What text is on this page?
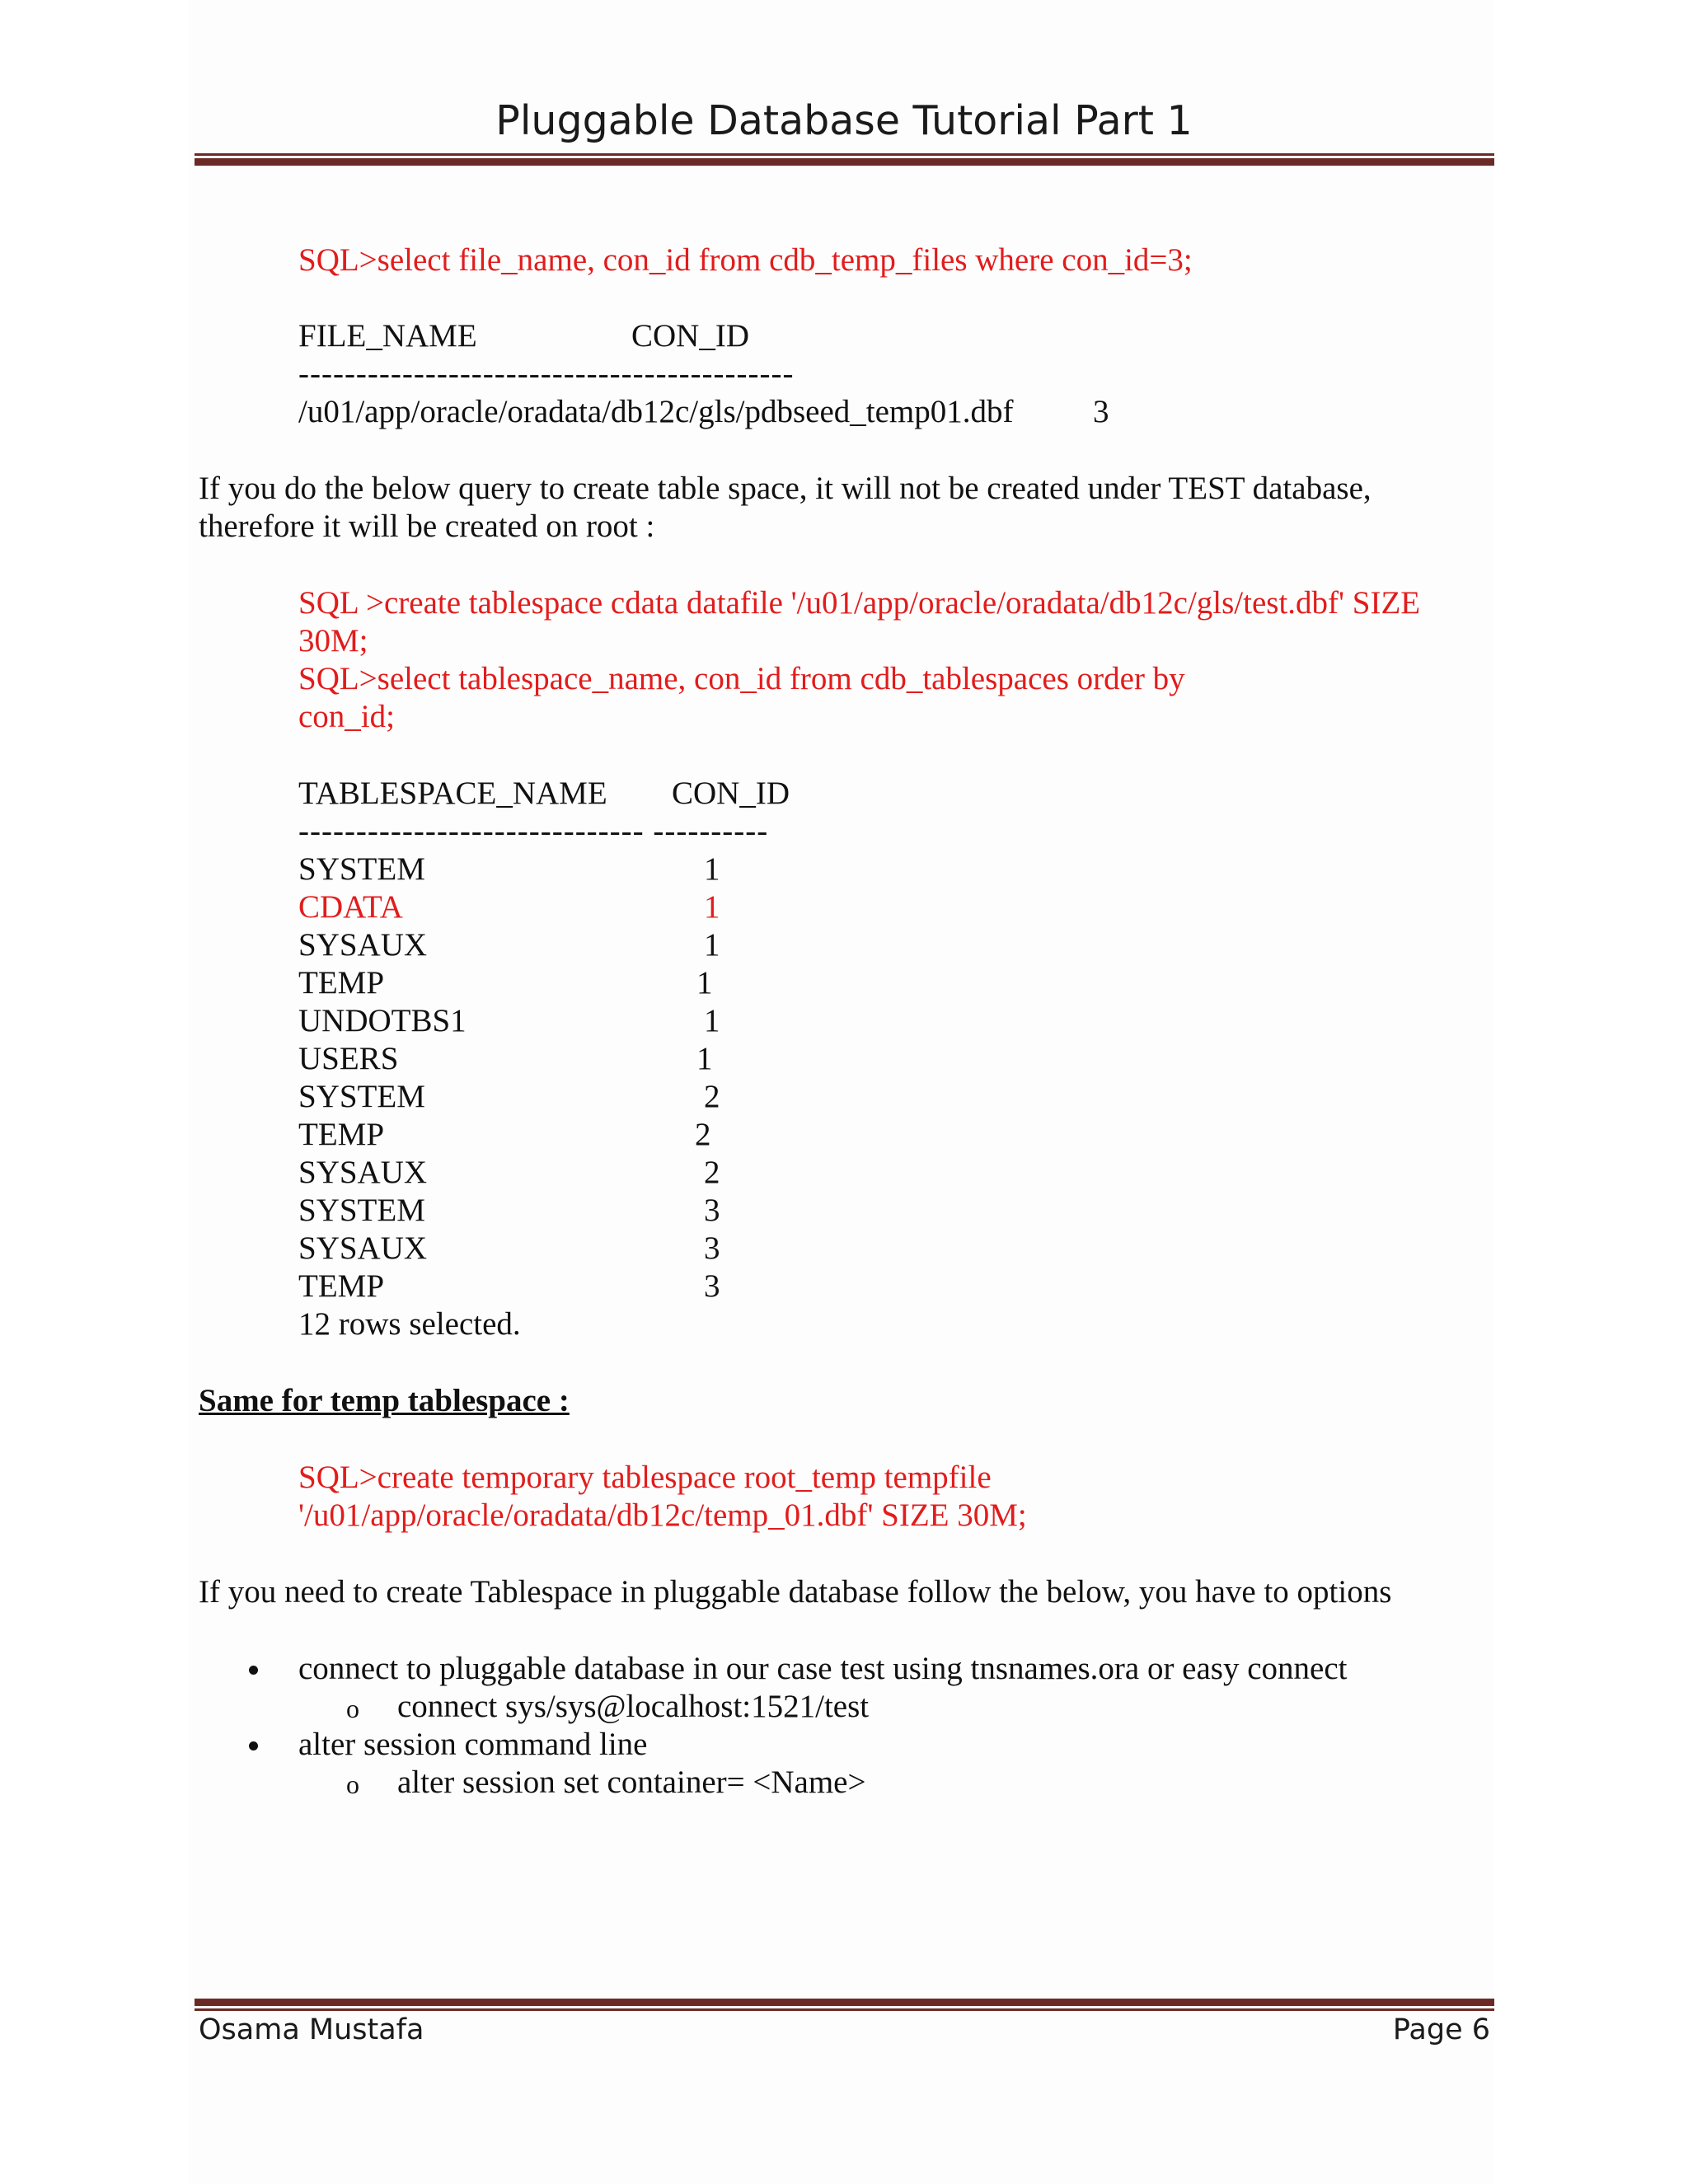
Pluggable Database Tutorial Part 1
SQL>select file_name, con_id from cdb_temp_files where con_id=3;
FILE_NAME	CON_ID
-------------------------------------------
/u01/app/oracle/oradata/db12c/gls/pdbseed_temp01.dbf 3
If you do the below query to create table space, it will not be created under TEST database,
therefore it will be created on root :
SQL >create tablespace cdata datafile '/u01/app/oracle/oradata/db12c/gls/test.dbf' SIZE
30M;
SQL>select tablespace_name, con_id from cdb_tablespaces order by
con_id;
TABLESPACE_NAME CON_ID
------------------------------ ----------
SYSTEM	1
CDATA	1
SYSAUX	1
TEMP	1
UNDOTBS1	1
USERS	1
SYSTEM	2
TEMP	2
SYSAUX	2
SYSTEM	3
SYSAUX	3
TEMP	3
12 rows selected.
Same for temp tablespace :
SQL>create temporary tablespace root_temp tempfile
'/u01/app/oracle/oradata/db12c/temp_01.dbf' SIZE 30M;
If you need to create Tablespace in pluggable database follow the below, you have to options
connect to pluggable database in our case test using tnsnames.ora or easy connect
o connect sys/sys@localhost:1521/test
alter session command line
o alter session set container= <Name>
Osama Mustafa	Page 6
